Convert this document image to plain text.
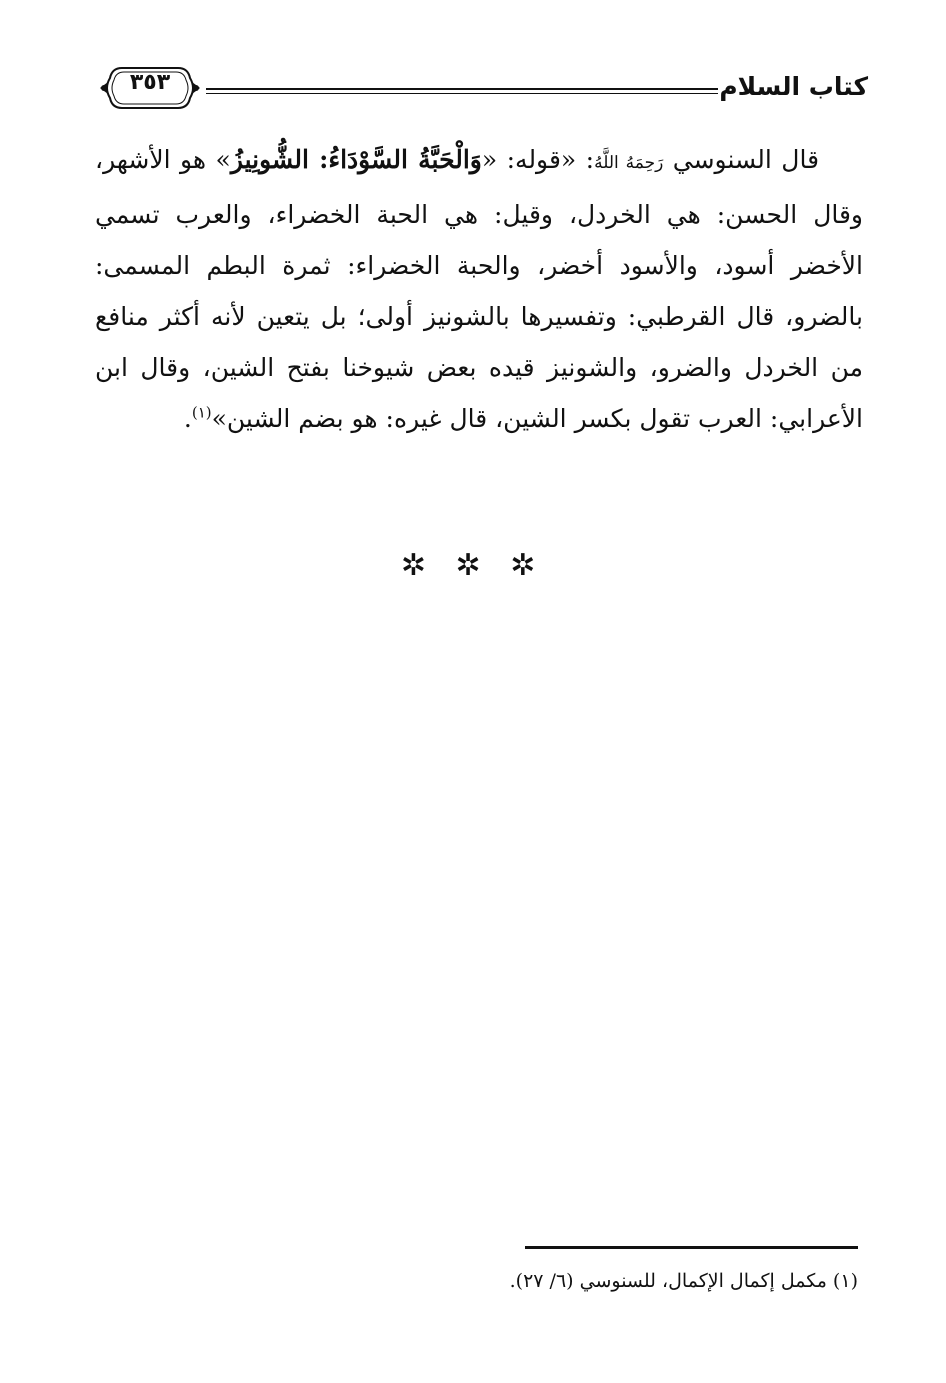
كتاب السلام
٣٥٣

قال السنوسي رَحِمَهُ اللَّهُ: «قوله: «وَالْحَبَّةُ السَّوْدَاءُ: الشُّونِيزُ» هو الأشهر، وقال الحسن: هي الخردل، وقيل: هي الحبة الخضراء، والعرب تسمي الأخضر أسود، والأسود أخضر، والحبة الخضراء: ثمرة البطم المسمى: بالضرو، قال القرطبي: وتفسيرها بالشونيز أولى؛ بل يتعين لأنه أكثر منافع من الخردل والضرو، والشونيز قيده بعض شيوخنا بفتح الشين، وقال ابن الأعرابي: العرب تقول بكسر الشين، قال غيره: هو بضم الشين»$^{(١)}$.

✲ ✲ ✲
(١) مكمل إكمال الإكمال، للسنوسي (٦/ ٢٧).
